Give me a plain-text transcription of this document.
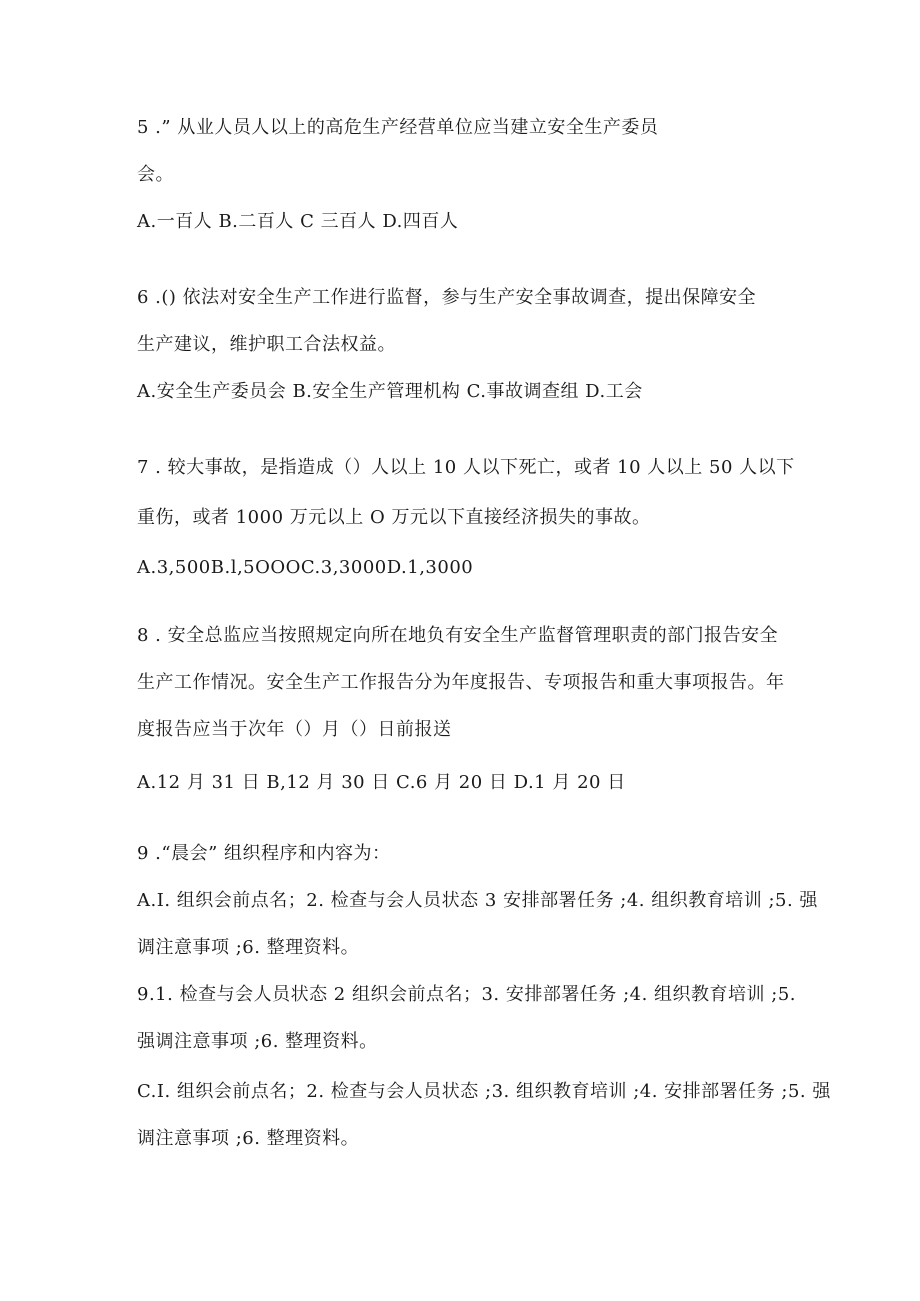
5 .” 从业人员人以上的高危生产经营单位应当建立安全生产委员

会。

A.一百人 B.二百人 C 三百人 D.四百人

6 .() 依法对安全生产工作进行监督，参与生产安全事故调查，提出保障安全

生产建议，维护职工合法权益。

A.安全生产委员会 B.安全生产管理机构 C.事故调查组 D.工会

7 . 较大事故，是指造成（）人以上 10 人以下死亡，或者 10 人以上 50 人以下

重伤，或者 1000 万元以上 O 万元以下直接经济损失的事故。

A.3,500B.l,5OOOC.3,3000D.1,3000

8 . 安全总监应当按照规定向所在地负有安全生产监督管理职责的部门报告安全

生产工作情况。安全生产工作报告分为年度报告、专项报告和重大事项报告。年

度报告应当于次年（）月（）日前报送

A.12 月 31 日 B,12 月 30 日 C.6 月 20 日 D.1 月 20 日

9 .“晨会” 组织程序和内容为：

A.I. 组织会前点名；2. 检查与会人员状态 3 安排部署任务 ;4. 组织教育培训 ;5. 强

调注意事项 ;6. 整理资料。

9.1. 检查与会人员状态 2 组织会前点名；3. 安排部署任务 ;4. 组织教育培训 ;5.

强调注意事项 ;6. 整理资料。

C.I. 组织会前点名；2. 检查与会人员状态 ;3. 组织教育培训 ;4. 安排部署任务 ;5. 强

调注意事项 ;6. 整理资料。
